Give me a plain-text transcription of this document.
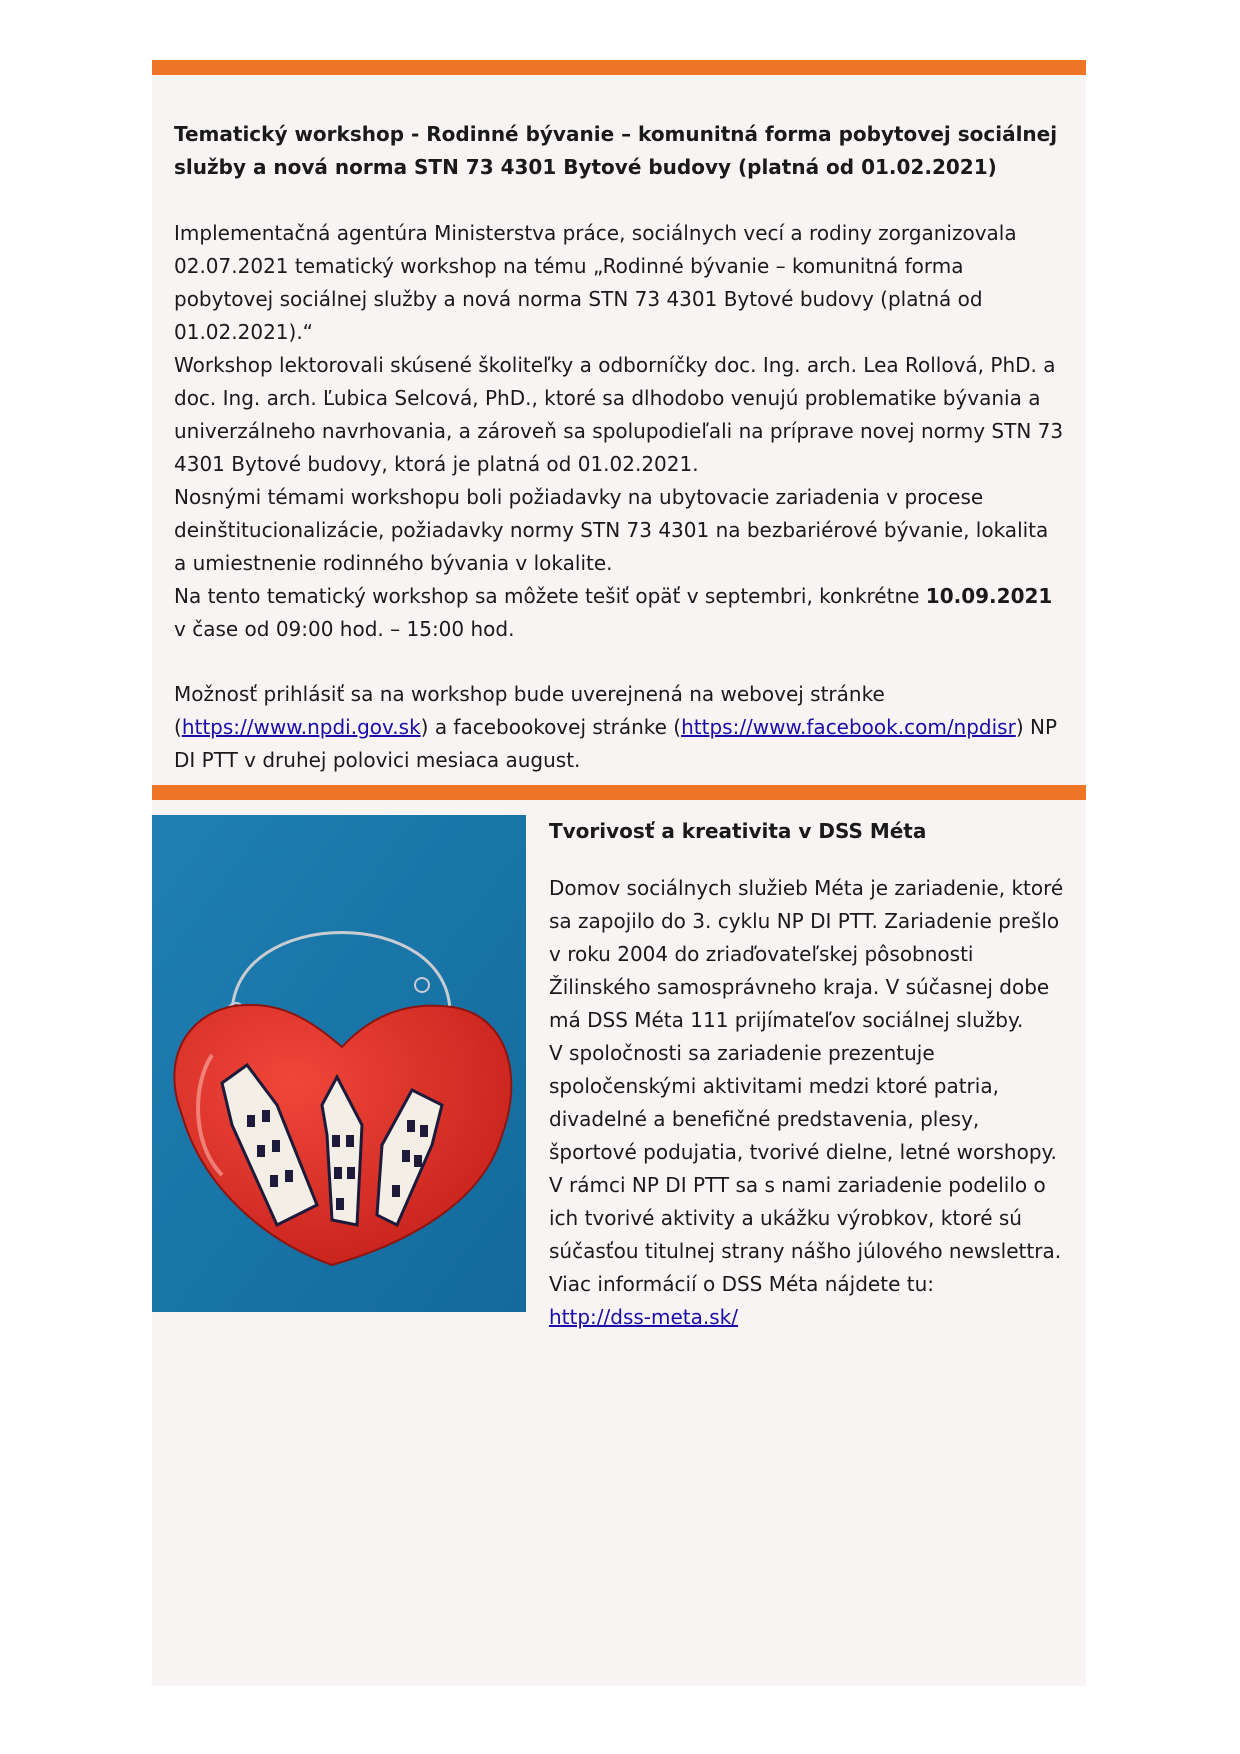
Tematický workshop - Rodinné bývanie – komunitná forma pobytovej sociálnej služby a nová norma STN 73 4301 Bytové budovy (platná od 01.02.2021)

Implementačná agentúra Ministerstva práce, sociálnych vecí a rodiny zorganizovala 02.07.2021 tematický workshop na tému „Rodinné bývanie – komunitná forma pobytovej sociálnej služby a nová norma STN 73 4301 Bytové budovy (platná od 01.02.2021).“

Workshop lektorovali skúsené školiteľky a odborníčky doc. Ing. arch. Lea Rollová, PhD. a doc. Ing. arch. Ľubica Selcová, PhD., ktoré sa dlhodobo venujú problematike bývania a univerzálneho navrhovania, a zároveň sa spolupodieľali na príprave novej normy STN 73 4301 Bytové budovy, ktorá je platná od 01.02.2021.

Nosnými témami workshopu boli požiadavky na ubytovacie zariadenia v procese deinštitucionalizácie, požiadavky normy STN 73 4301 na bezbariérové bývanie, lokalita a umiestnenie rodinného bývania v lokalite.

Na tento tematický workshop sa môžete tešiť opäť v septembri, konkrétne 10.09.2021 v čase od 09:00 hod. – 15:00 hod.

Možnosť prihlásiť sa na workshop bude uverejnená na webovej stránke (https://www.npdi.gov.sk) a facebookovej stránke (https://www.facebook.com/npdisr) NP DI PTT v druhej polovici mesiaca august.

Tvorivosť a kreativita v DSS Méta

Domov sociálnych služieb Méta je zariadenie, ktoré sa zapojilo do 3. cyklu NP DI PTT. Zariadenie prešlo v roku 2004 do zriaďovateľskej pôsobnosti Žilinského samosprávneho kraja. V súčasnej dobe má DSS Méta 111 prijímateľov sociálnej služby.

V spoločnosti sa zariadenie prezentuje spoločenskými aktivitami medzi ktoré patria, divadelné a benefičné predstavenia, plesy, športové podujatia, tvorivé dielne, letné worshopy.

V rámci NP DI PTT sa s nami zariadenie podelilo o ich tvorivé aktivity a ukážku výrobkov, ktoré sú súčasťou titulnej strany nášho júlového newslettra.

Viac informácií o DSS Méta nájdete tu:

http://dss-meta.sk/
